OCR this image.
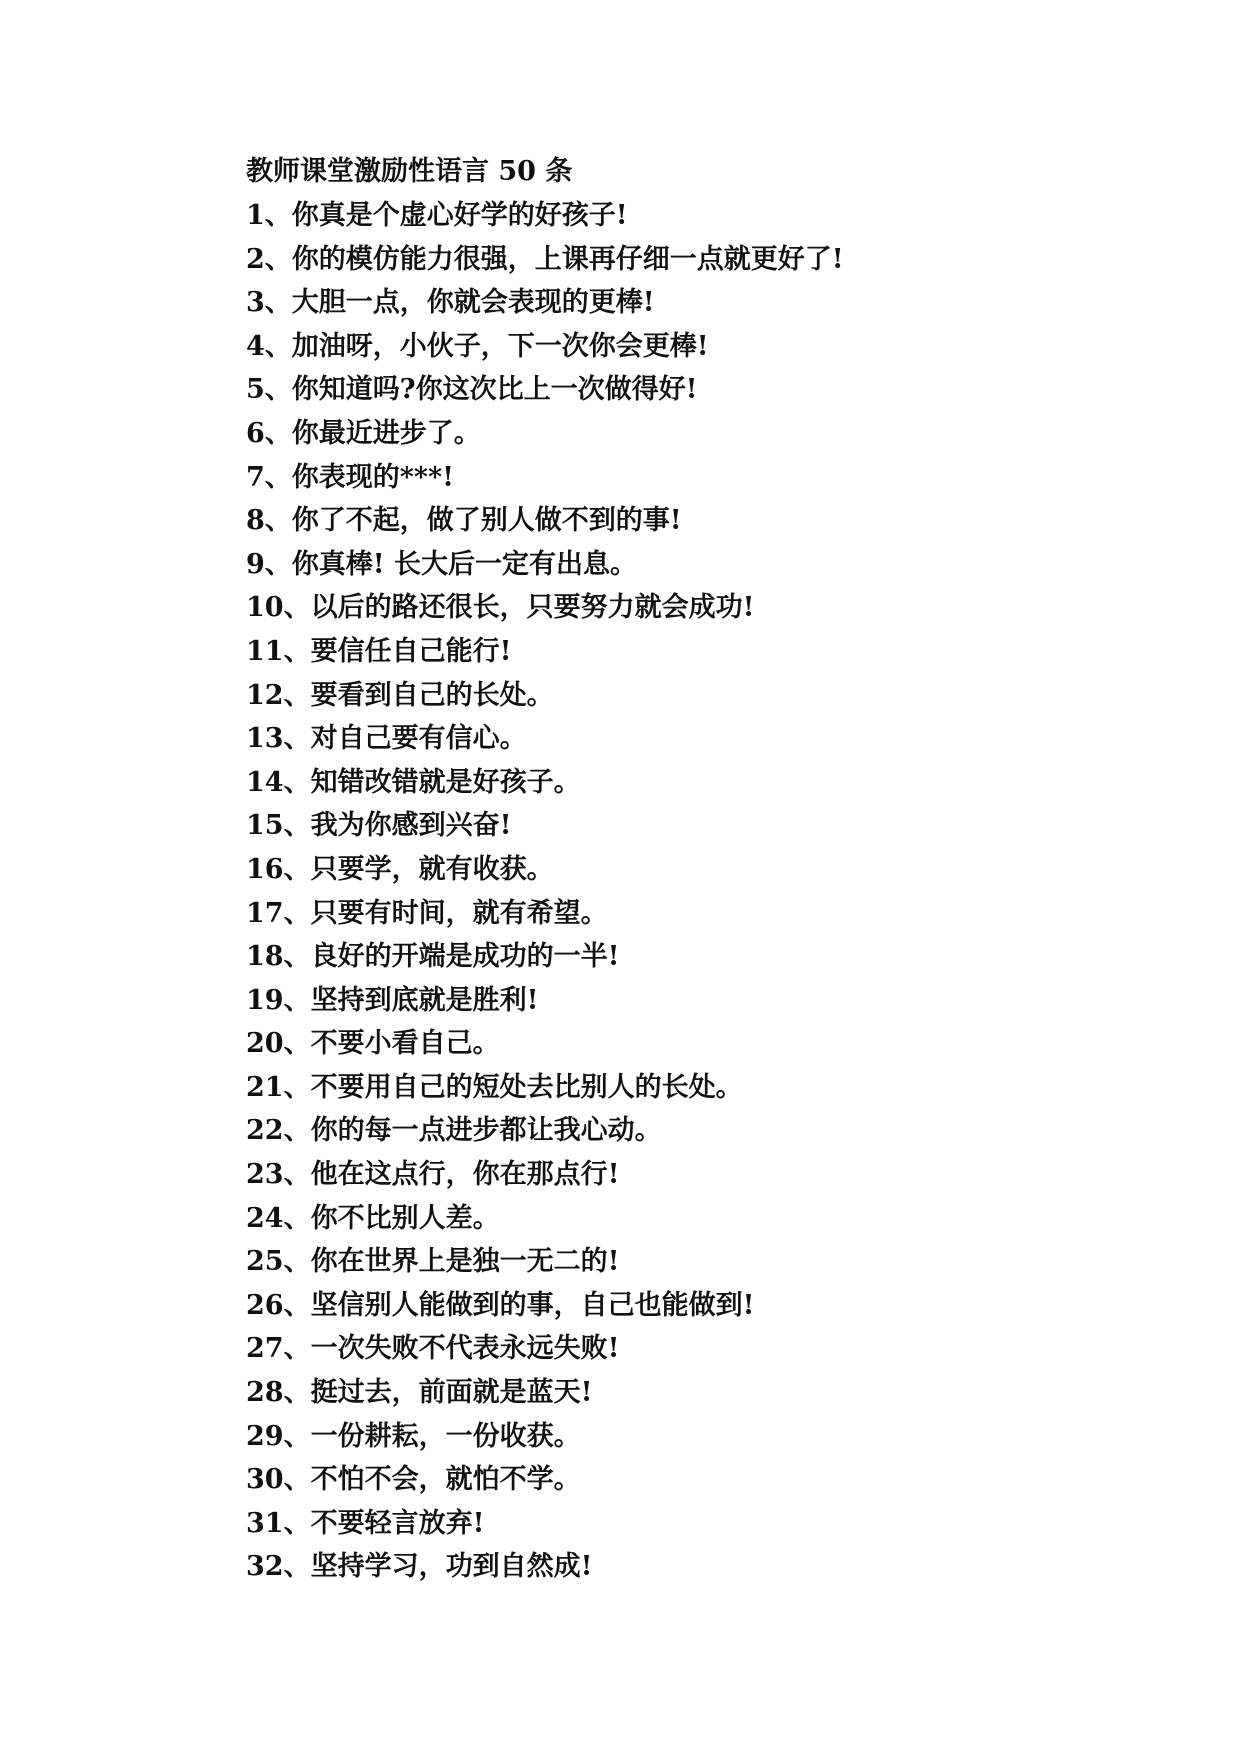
教师课堂激励性语言 50 条
1、你真是个虚心好学的好孩子!
2、你的模仿能力很强，上课再仔细一点就更好了!
3、大胆一点，你就会表现的更棒!
4、加油呀，小伙子，下一次你会更棒!
5、你知道吗?你这次比上一次做得好!
6、你最近进步了。
7、你表现的***!
8、你了不起，做了别人做不到的事!
9、你真棒! 长大后一定有出息。
10、以后的路还很长，只要努力就会成功!
11、要信任自己能行!
12、要看到自己的长处。
13、对自己要有信心。
14、知错改错就是好孩子。
15、我为你感到兴奋!
16、只要学，就有收获。
17、只要有时间，就有希望。
18、良好的开端是成功的一半!
19、坚持到底就是胜利!
20、不要小看自己。
21、不要用自己的短处去比别人的长处。
22、你的每一点进步都让我心动。
23、他在这点行，你在那点行!
24、你不比别人差。
25、你在世界上是独一无二的!
26、坚信别人能做到的事，自己也能做到!
27、一次失败不代表永远失败!
28、挺过去，前面就是蓝天!
29、一份耕耘，一份收获。
30、不怕不会，就怕不学。
31、不要轻言放弃!
32、坚持学习，功到自然成!
